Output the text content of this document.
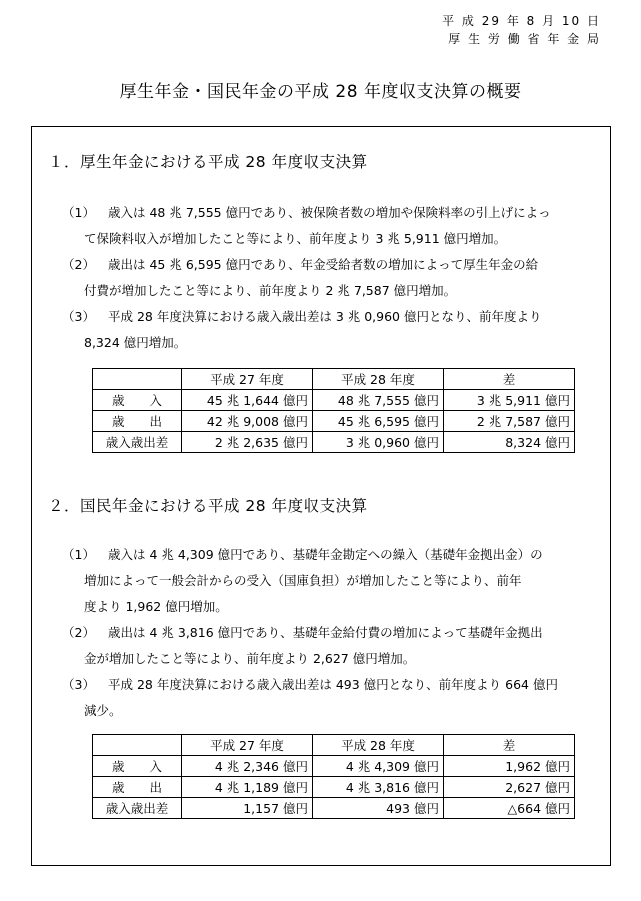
平 成 29 年 8 月 10 日
厚 生 労 働 省 年 金 局
厚生年金・国民年金の平成 28 年度収支決算の概要
１．厚生年金における平成 28 年度収支決算
（1） 歳入は 48 兆 7,555 億円であり、被保険者数の増加や保険料率の引上げによっ
て保険料収入が増加したこと等により、前年度より 3 兆 5,911 億円増加。
（2） 歳出は 45 兆 6,595 億円であり、年金受給者数の増加によって厚生年金の給
付費が増加したこと等により、前年度より 2 兆 7,587 億円増加。
（3） 平成 28 年度決算における歳入歳出差は 3 兆 0,960 億円となり、前年度より
8,324 億円増加。
	平成 27 年度	平成 28 年度	差
歳　　入	45 兆 1,644 億円	48 兆 7,555 億円	3 兆 5,911 億円
歳　　出	42 兆 9,008 億円	45 兆 6,595 億円	2 兆 7,587 億円
歳入歳出差	2 兆 2,635 億円	3 兆 0,960 億円	8,324 億円
２．国民年金における平成 28 年度収支決算
（1） 歳入は 4 兆 4,309 億円であり、基礎年金勘定への繰入（基礎年金拠出金）の
増加によって一般会計からの受入（国庫負担）が増加したこと等により、前年
度より 1,962 億円増加。
（2） 歳出は 4 兆 3,816 億円であり、基礎年金給付費の増加によって基礎年金拠出
金が増加したこと等により、前年度より 2,627 億円増加。
（3） 平成 28 年度決算における歳入歳出差は 493 億円となり、前年度より 664 億円
減少。
	平成 27 年度	平成 28 年度	差
歳　　入	4 兆 2,346 億円	4 兆 4,309 億円	1,962 億円
歳　　出	4 兆 1,189 億円	4 兆 3,816 億円	2,627 億円
歳入歳出差	1,157 億円	493 億円	△664 億円
